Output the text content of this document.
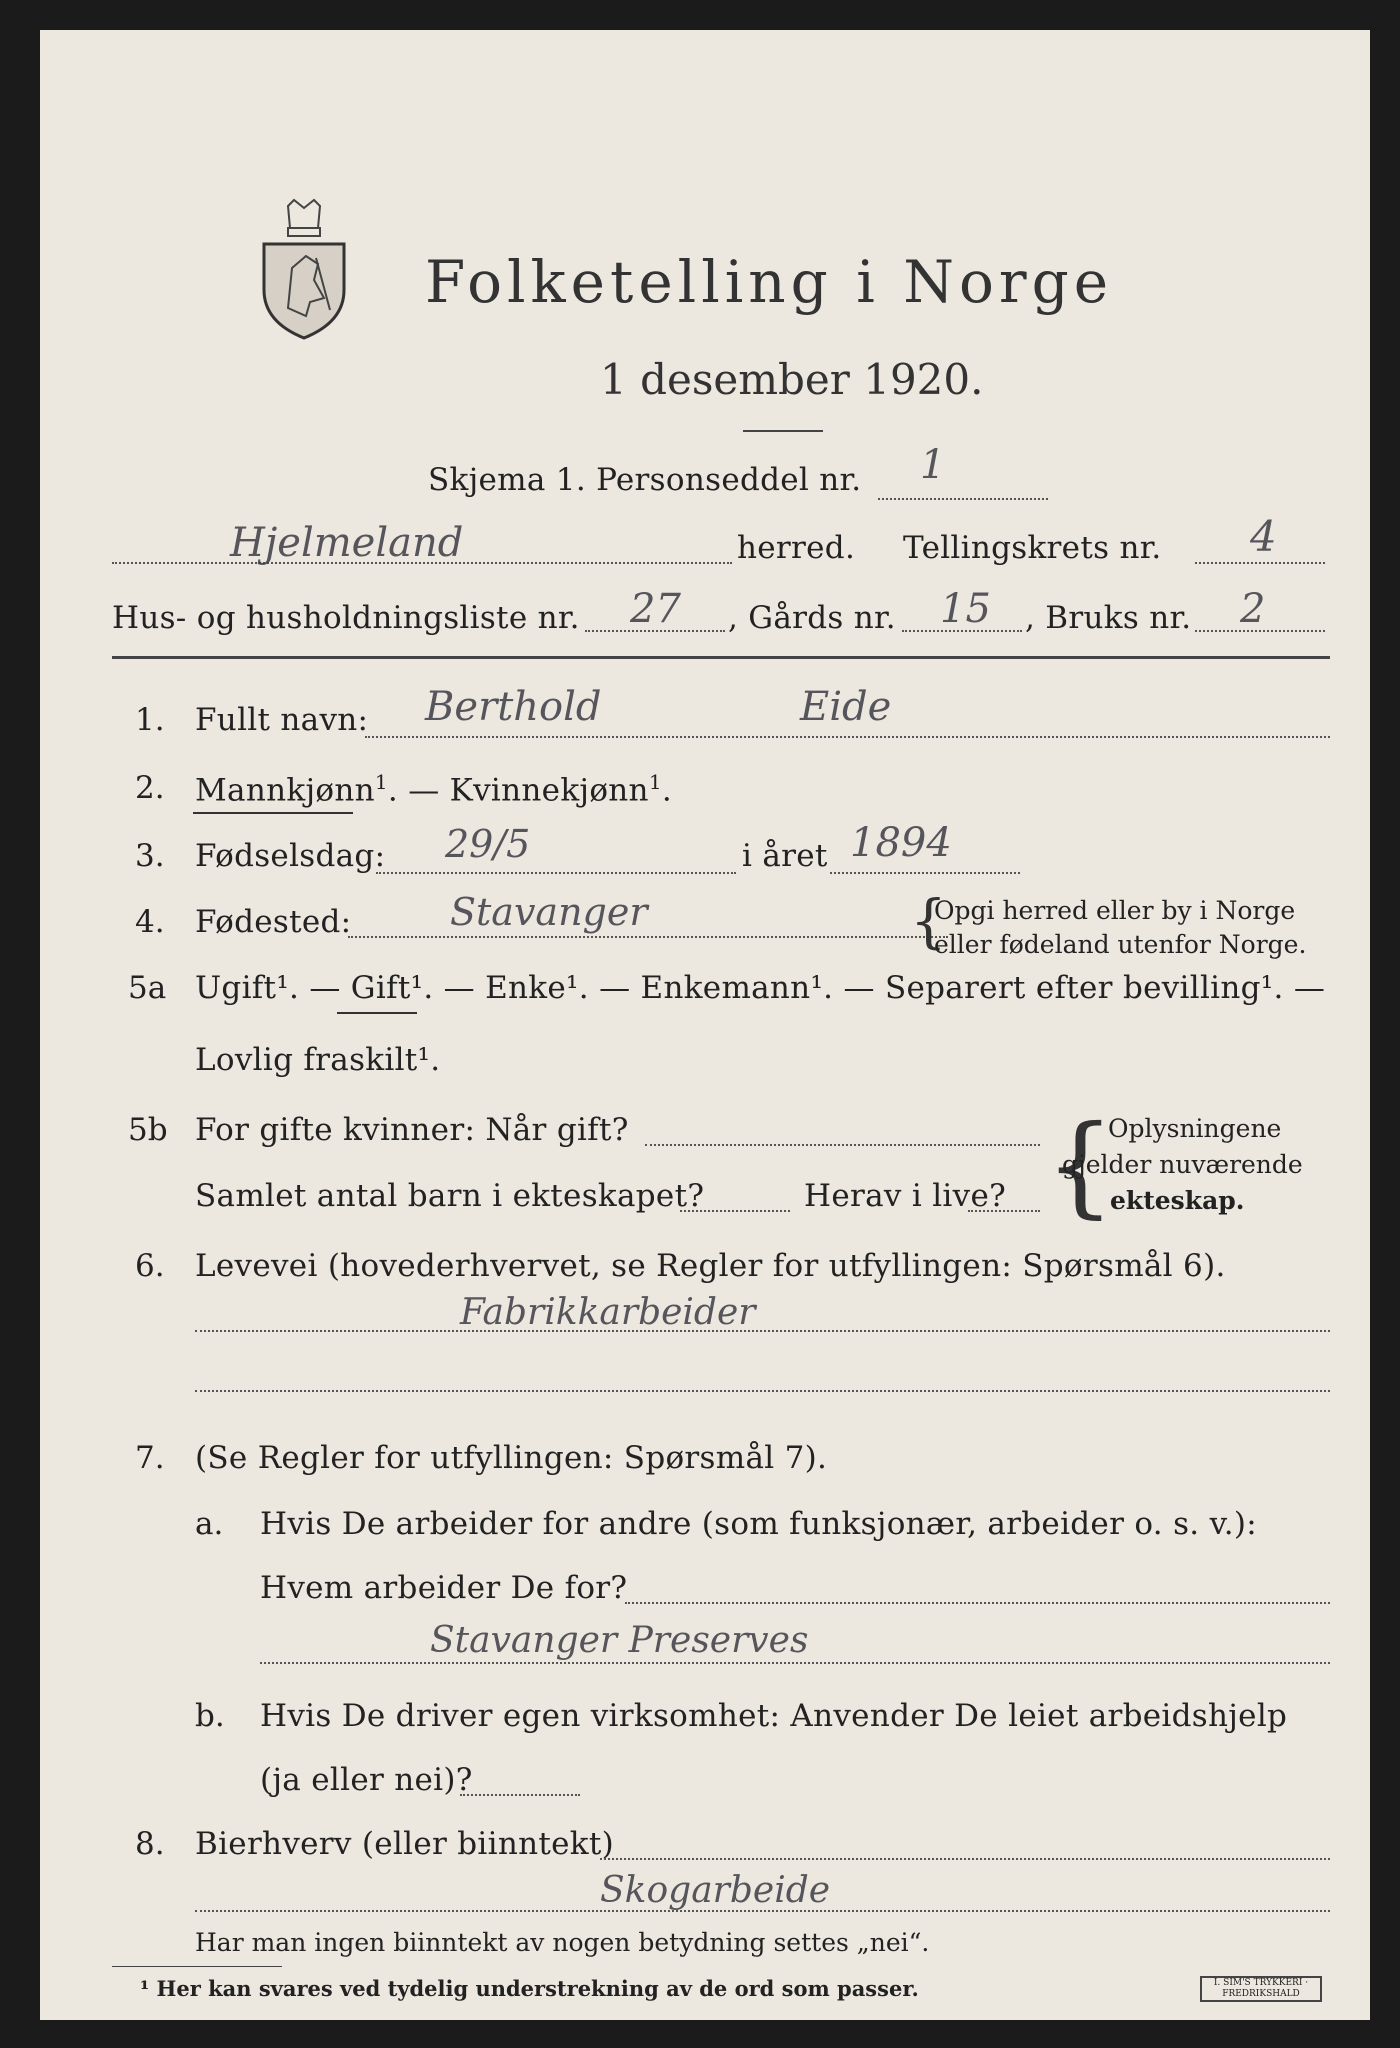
Folketelling i Norge
1 desember 1920.
Skjema 1. Personseddel nr. 1
Hjelmeland	herred. Tellingskrets nr. 4
Hus- og husholdningsliste nr. 27 , Gårds nr. 15 , Bruks nr. 2
1. Fullt navn: Berthold	Eide
2. Mannkjønn$^1$. — Kvinnekjønn$^1$.
3. Fødselsdag: 29/5	i året 1894
4. Fødested:	Stavanger	{
Opgi herred eller by i Norge
eller fødeland utenfor Norge.
5a Ugift¹. — Gift¹. — Enke¹. — Enkemann¹. — Separert efter bevilling¹. —
Lovlig fraskilt¹.
5b For gifte kvinner: Når gift?
Samlet antal barn i ekteskapet?	Herav i live? {
Oplysningene
gjelder nuværende
ekteskap.
6. Levevei (hovederhvervet, se Regler for utfyllingen: Spørsmål 6).
Fabrikkarbeider
7. (Se Regler for utfyllingen: Spørsmål 7).
a. Hvis De arbeider for andre (som funksjonær, arbeider o. s. v.):
Hvem arbeider De for?
Stavanger Preserves
b. Hvis De driver egen virksomhet: Anvender De leiet arbeidshjelp
(ja eller nei)?
8. Bierhverv (eller biinntekt)
Skogarbeide
Har man ingen biinntekt av nogen betydning settes „nei“.
¹ Her kan svares ved tydelig understrekning av de ord som passer.	I. SIM'S TRYKKERI · FREDRIKSHALD
